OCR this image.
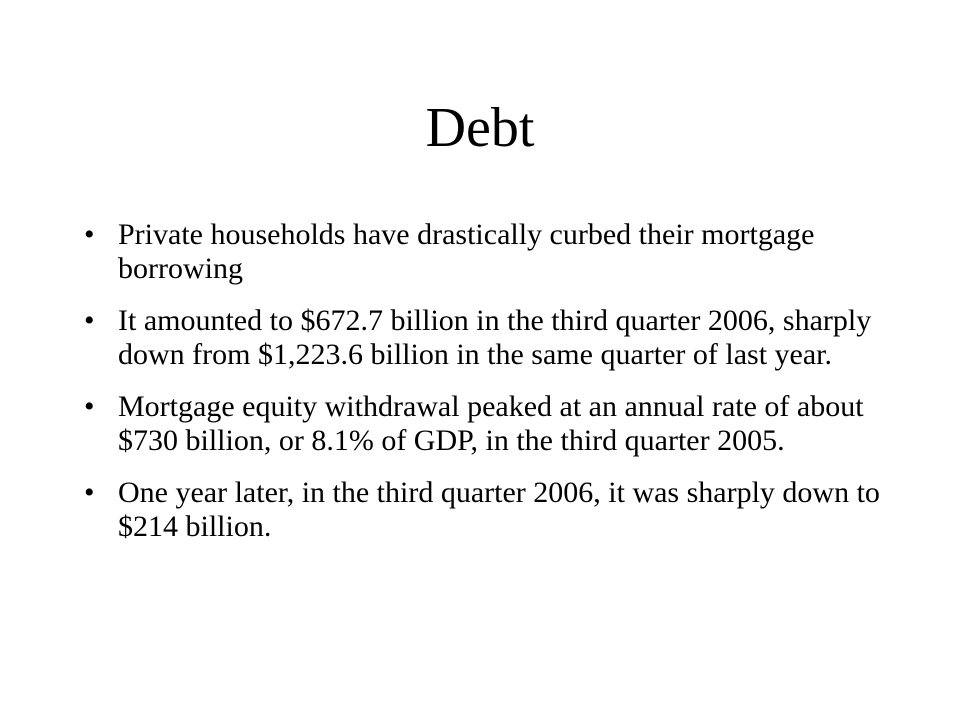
Debt
• Private households have drastically curbed their mortgage borrowing
• It amounted to $672.7 billion in the third quarter 2006, sharply down from $1,223.6 billion in the same quarter of last year.
• Mortgage equity withdrawal peaked at an annual rate of about $730 billion, or 8.1% of GDP, in the third quarter 2005.
• One year later, in the third quarter 2006, it was sharply down to $214 billion.
